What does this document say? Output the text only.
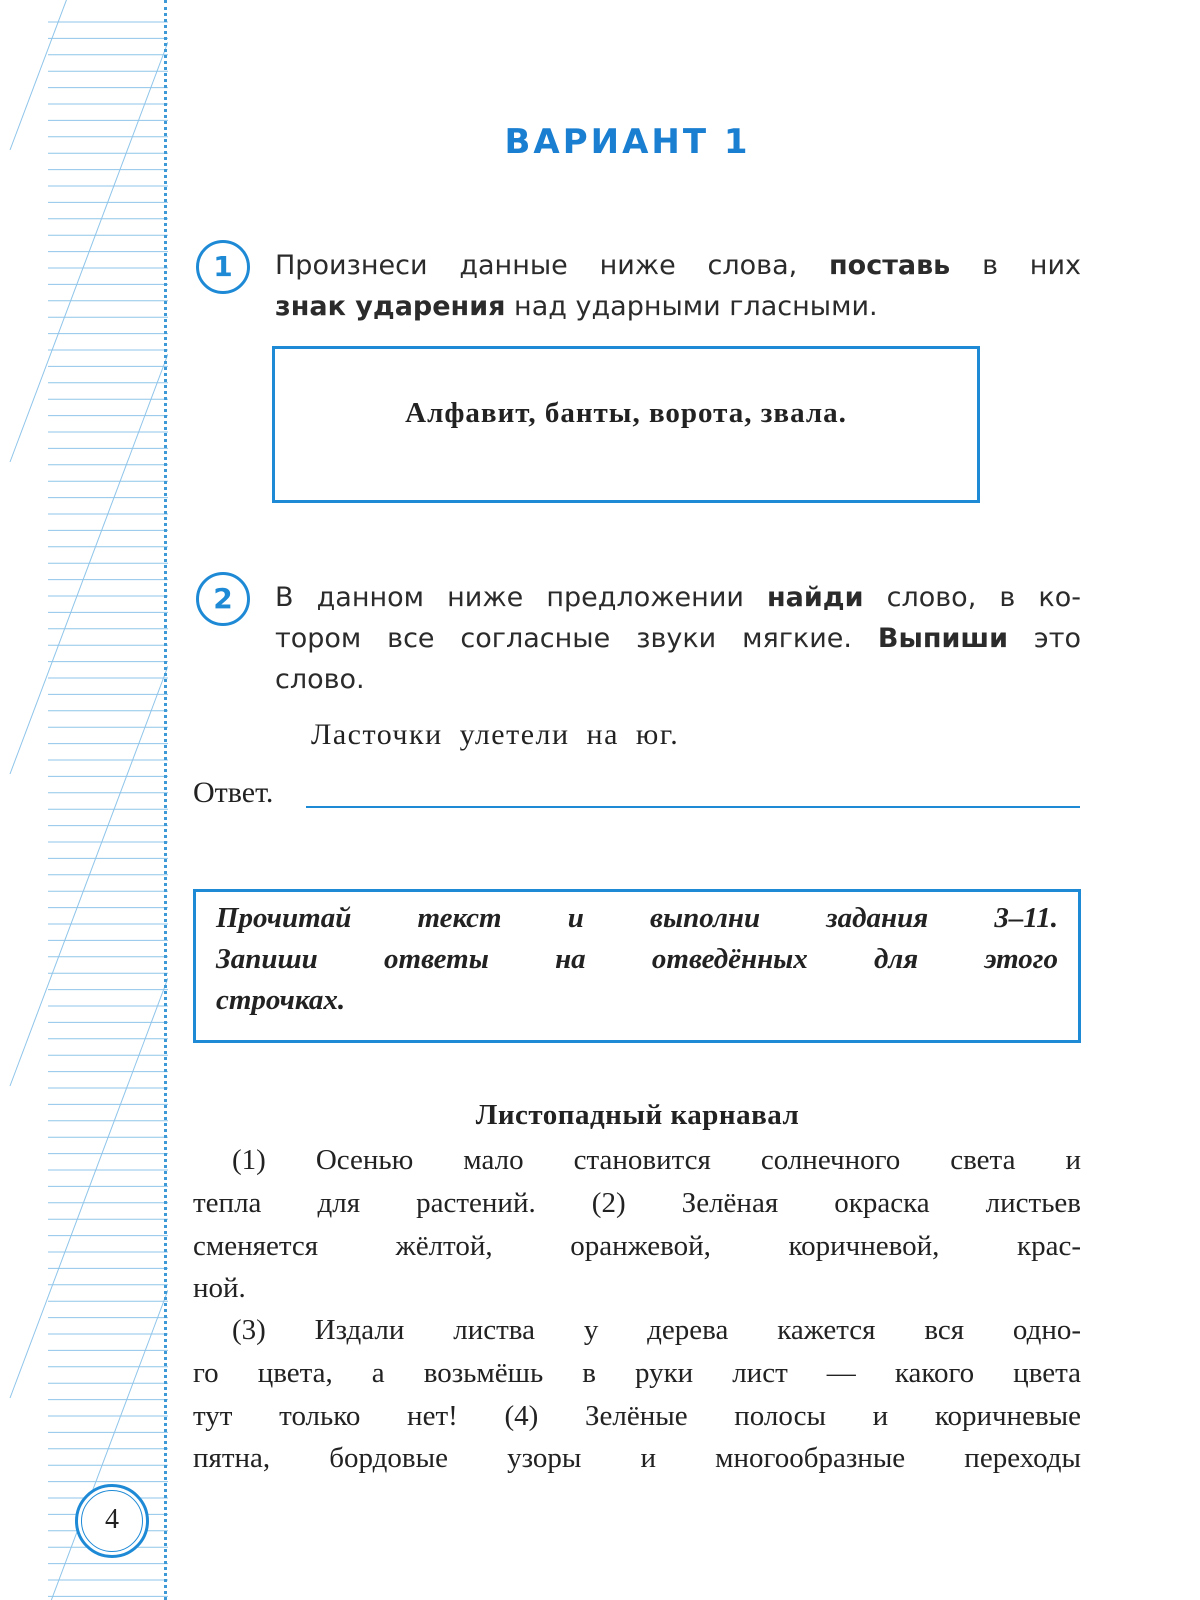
ВАРИАНТ 1
1	Произнеси данные ниже слова, поставь в них
знак ударения над ударными гласными.
Алфавит, банты, ворота, звала.
2	В данном ниже предложении найди слово, в ко-
тором все согласные звуки мягкие. Выпиши это
слово.
Ласточки улетели на юг.
Ответ.
Прочитай текст и выполни задания 3–11.
Запиши ответы на отведённых для этого
строчках.
Листопадный карнавал
(1) Осенью мало становится солнечного света и
тепла для растений. (2) Зелёная окраска листьев
сменяется жёлтой, оранжевой, коричневой, крас-
ной.
(3) Издали листва у дерева кажется вся одно-
го цвета, а возьмёшь в руки лист — какого цвета
тут только нет! (4) Зелёные полосы и коричневые
пятна, бордовые узоры и многообразные переходы
4
